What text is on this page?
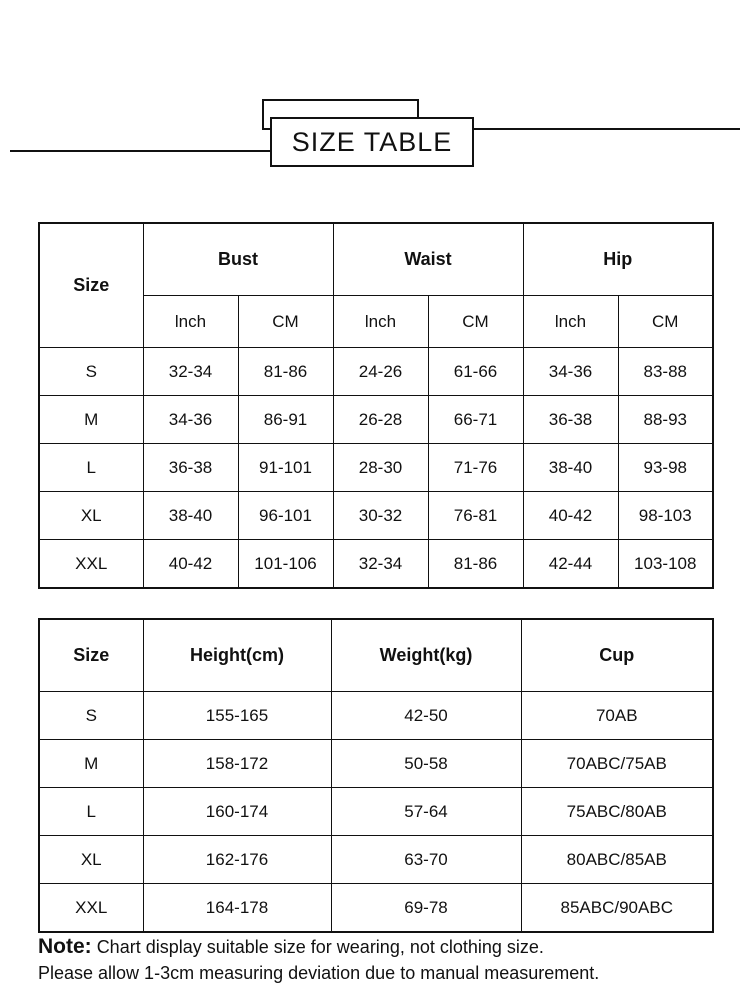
SIZE TABLE
Size	Bust		Waist		Hip	
	lnch	CM	lnch	CM	lnch	CM
S	32-34	81-86	24-26	61-66	34-36	83-88
M	34-36	86-91	26-28	66-71	36-38	88-93
L	36-38	91-101	28-30	71-76	38-40	93-98
XL	38-40	96-101	30-32	76-81	40-42	98-103
XXL	40-42	101-106	32-34	81-86	42-44	103-108
Size	Height(cm)	Weight(kg)	Cup
S	155-165	42-50	70AB
M	158-172	50-58	70ABC/75AB
L	160-174	57-64	75ABC/80AB
XL	162-176	63-70	80ABC/85AB
XXL	164-178	69-78	85ABC/90ABC

Note: Chart display suitable size for wearing, not clothing size.

Please allow 1-3cm measuring deviation due to manual measurement.
